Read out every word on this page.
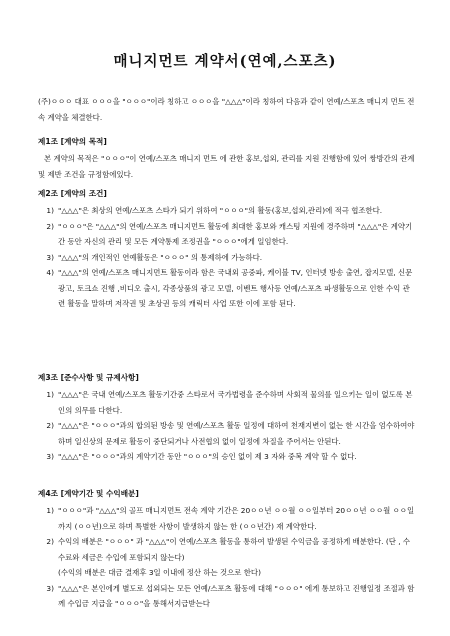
매니지먼트 계약서(연예,스포츠)
(주)ㅇㅇㅇ 대표 ㅇㅇㅇ을 "ㅇㅇㅇ"이라 칭하고 ㅇㅇㅇ을 "△△△"이라 칭하여 다음과 같이 연예/스포츠 매니지 먼트 전속 계약을 체결한다.
제1조 [계약의 목적]
본 계약의 목적은 "ㅇㅇㅇ"이 연예/스포츠 매니지 먼트 에 관한 홍보,섭외, 관리를 지원 진행함에 있어 쌍방간의 관계 및 제반 조건을 규정함에있다.
제2조 [계약의 조건]
1) "△△△"은 최상의 연예/스포츠 스타가 되기 위하여 "ㅇㅇㅇ"의 활동(홍보,섭외,관리)에 적극 협조한다.
2) "ㅇㅇㅇ"은 "△△△"의 연예/스포츠 매니지먼트 활동에 최대한 홍보와 캐스팅 지원에 경주하며 "△△△"은 계약기간 동안 자신의 관리 및 모든 계약통제 조정권을 "ㅇㅇㅇ"에게 일임한다.
3) "△△△"의 개인적인 연예활동은 "ㅇㅇㅇ" 의 통제하에 가능하다.
4) "△△△"의 연예/스포츠 매니지먼트 활동이라 함은 국내외 공중파, 케이블 TV, 인터넷 방송 출연, 잡지모델, 신문광고, 토크쇼 진행 ,비디오 출시, 각종상품의 광고 모델, 이벤트 행사등 연예/스포츠 파생활동으로 인한 수익 관련 활동을 말하며 저작권 및 초상권 등의 캐릭터 사업 또한 이에 포함 된다.
제3조 [준수사항 및 규제사항]
1) "△△△"은 국내 연예/스포츠 활동기간중 스타로서 국가법령을 준수하며 사회적 물의를 일으키는 일이 없도록 본인의 의무를 다한다.
2) "△△△"은 "ㅇㅇㅇ"과의 합의된 방송 및 연예/스포츠 활동 일정에 대하여 천재지변이 없는 한 시간을 엄수하여야 하며 일신상의 문제로 활동이 중단되거나 사전협의 없이 일정에 차질을 주어서는 안된다.
3) "△△△"은 "ㅇㅇㅇ"과의 계약기간 동안 "ㅇㅇㅇ"의 승인 없이 제 3 자와 중복 계약 할 수 없다.
제4조 [계약기간 및 수익배분]
1) "ㅇㅇㅇ"과 "△△△"의 골프 매니지먼트 전속 계약 기간은 20ㅇㅇ년 ㅇㅇ월 ㅇㅇ일부터 20ㅇㅇ년 ㅇㅇ월 ㅇㅇ일까지 (ㅇㅇ년)으로 하며 특별한 사항이 발생하지 않는 한 (ㅇㅇ년간) 재 계약한다.
2) 수익의 배분은 "ㅇㅇㅇ" 과 "△△△"이 연예/스포츠 활동을 통하여 발생된 수익금을 공정하게 배분한다. (단 , 수수료와 세금은 수입에 포함되지 않는다)
(수익의 배분은 대금 결재후 3일 이내에 정산 하는 것으로 한다)
3) "△△△"은 본인에게 별도로 섭외되는 모든 연예/스포츠 활동에 대해 "ㅇㅇㅇ" 에게 통보하고 진행일정 조절과 함께 수입금 지급을 "ㅇㅇㅇ"을 통해서지급받는다
